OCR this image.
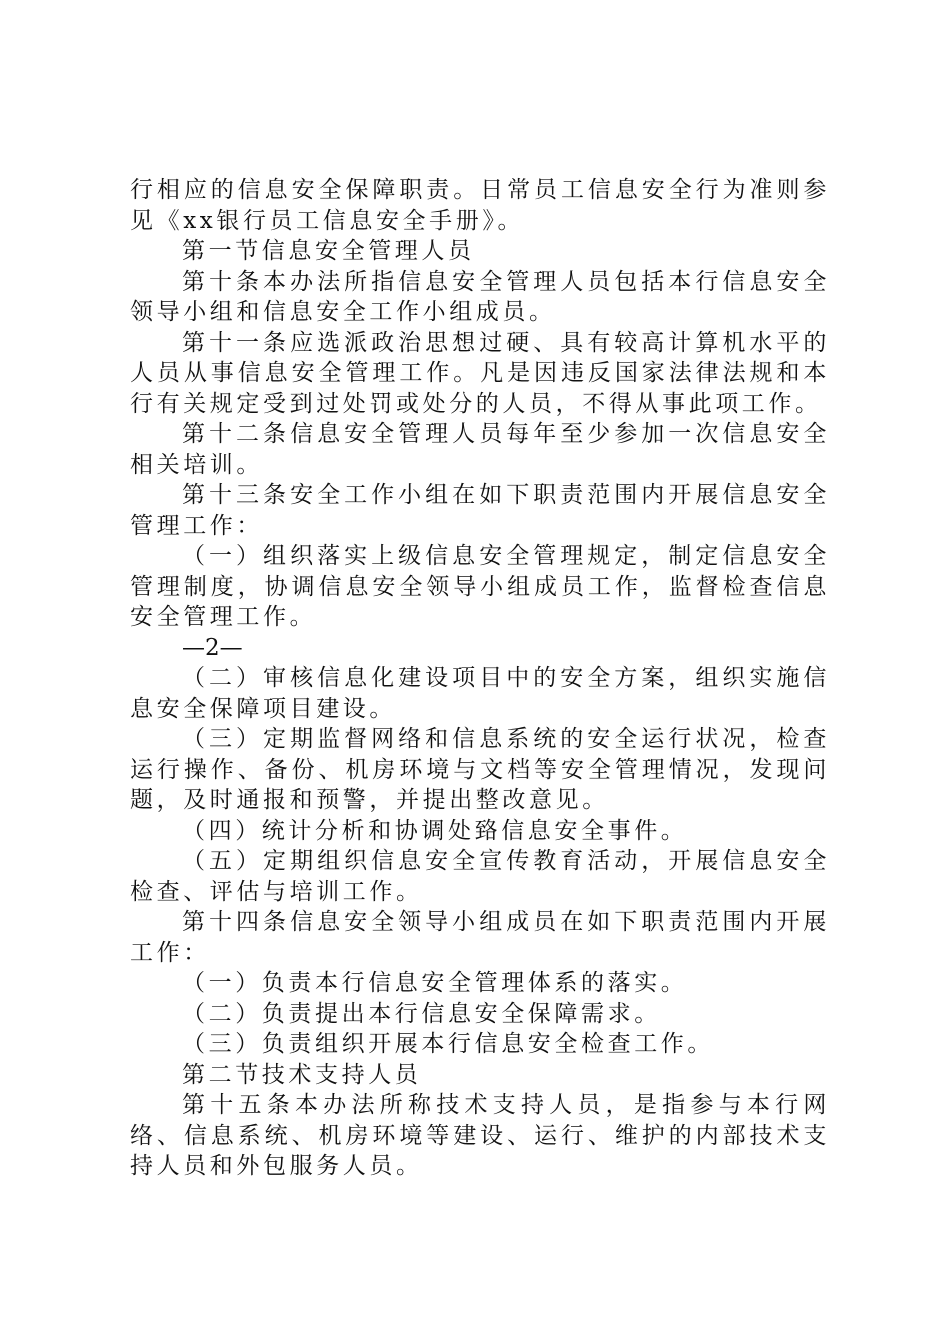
行相应的信息安全保障职责。日常员工信息安全行为准则参见《xx银行员工信息安全手册》。

第一节信息安全管理人员

第十条本办法所指信息安全管理人员包括本行信息安全领导小组和信息安全工作小组成员。

第十一条应选派政治思想过硬、具有较高计算机水平的人员从事信息安全管理工作。凡是因违反国家法律法规和本行有关规定受到过处罚或处分的人员，不得从事此项工作。

第十二条信息安全管理人员每年至少参加一次信息安全相关培训。

第十三条安全工作小组在如下职责范围内开展信息安全管理工作：

（一）组织落实上级信息安全管理规定，制定信息安全管理制度，协调信息安全领导小组成员工作，监督检查信息安全管理工作。

—2—

（二）审核信息化建设项目中的安全方案，组织实施信息安全保障项目建设。

（三）定期监督网络和信息系统的安全运行状况，检查运行操作、备份、机房环境与文档等安全管理情况，发现问题，及时通报和预警，并提出整改意见。

（四）统计分析和协调处臵信息安全事件。

（五）定期组织信息安全宣传教育活动，开展信息安全检查、评估与培训工作。

第十四条信息安全领导小组成员在如下职责范围内开展工作：

（一）负责本行信息安全管理体系的落实。

（二）负责提出本行信息安全保障需求。

（三）负责组织开展本行信息安全检查工作。

第二节技术支持人员

第十五条本办法所称技术支持人员，是指参与本行网络、信息系统、机房环境等建设、运行、维护的内部技术支持人员和外包服务人员。
